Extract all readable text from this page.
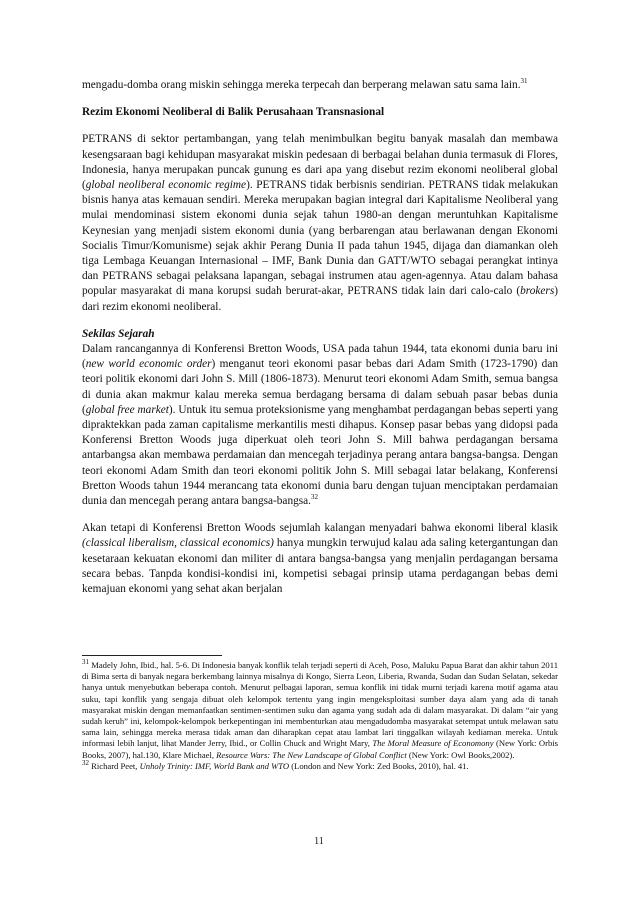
mengadu-domba orang miskin sehingga mereka terpecah dan berperang melawan satu sama lain.$^{31}$

Rezim Ekonomi Neoliberal di Balik Perusahaan Transnasional

PETRANS di sektor pertambangan, yang telah menimbulkan begitu banyak masalah dan membawa kesengsaraan bagi kehidupan masyarakat miskin pedesaan di berbagai belahan dunia termasuk di Flores, Indonesia, hanya merupakan puncak gunung es dari apa yang disebut rezim ekonomi neoliberal global (global neoliberal economic regime). PETRANS tidak berbisnis sendirian. PETRANS tidak melakukan bisnis hanya atas kemauan sendiri. Mereka merupakan bagian integral dari Kapitalisme Neoliberal yang mulai mendominasi sistem ekonomi dunia sejak tahun 1980-an dengan meruntuhkan Kapitalisme Keynesian yang menjadi sistem ekonomi dunia (yang berbarengan atau berlawanan dengan Ekonomi Socialis Timur/Komunisme) sejak akhir Perang Dunia II pada tahun 1945, dijaga dan diamankan oleh tiga Lembaga Keuangan Internasional – IMF, Bank Dunia dan GATT/WTO sebagai perangkat intinya dan PETRANS sebagai pelaksana lapangan, sebagai instrumen atau agen-agennya. Atau dalam bahasa popular masyarakat di mana korupsi sudah berurat-akar, PETRANS tidak lain dari calo-calo (brokers) dari rezim ekonomi neoliberal.

Sekilas Sejarah

Dalam rancangannya di Konferensi Bretton Woods, USA pada tahun 1944, tata ekonomi dunia baru ini (new world economic order) menganut teori ekonomi pasar bebas dari Adam Smith (1723-1790) dan teori politik ekonomi dari John S. Mill (1806-1873). Menurut teori ekonomi Adam Smith, semua bangsa di dunia akan makmur kalau mereka semua berdagang bersama di dalam sebuah pasar bebas dunia (global free market). Untuk itu semua proteksionisme yang menghambat perdagangan bebas seperti yang dipraktekkan pada zaman capitalisme merkantilis mesti dihapus. Konsep pasar bebas yang didopsi pada Konferensi Bretton Woods juga diperkuat oleh teori John S. Mill bahwa perdagangan bersama antarbangsa akan membawa perdamaian dan mencegah terjadinya perang antara bangsa-bangsa. Dengan teori ekonomi Adam Smith dan teori ekonomi politik John S. Mill sebagai latar belakang, Konferensi Bretton Woods tahun 1944 merancang tata ekonomi dunia baru dengan tujuan menciptakan perdamaian dunia dan mencegah perang antara bangsa-bangsa.$^{32}$

Akan tetapi di Konferensi Bretton Woods sejumlah kalangan menyadari bahwa ekonomi liberal klasik (classical liberalism, classical economics) hanya mungkin terwujud kalau ada saling ketergantungan dan kesetaraan kekuatan ekonomi dan militer di antara bangsa-bangsa yang menjalin perdagangan bersama secara bebas. Tanpda kondisi-kondisi ini, kompetisi sebagai prinsip utama perdagangan bebas demi kemajuan ekonomi yang sehat akan berjalan

$^{31}$ Madely John, Ibid., hal. 5-6. Di Indonesia banyak konflik telah terjadi seperti di Aceh, Poso, Maluku Papua Barat dan akhir tahun 2011 di Bima serta di banyak negara berkembang lainnya misalnya di Kongo, Sierra Leon, Liberia, Rwanda, Sudan dan Sudan Selatan, sekedar hanya untuk menyebutkan beberapa contoh. Menurut pelbagai laporan, semua konflik ini tidak murni terjadi karena motif agama atau suku, tapi konflik yang sengaja dibuat oleh kelompok tertentu yang ingin mengeksploitasi sumber daya alam yang ada di tanah masyarakat miskin dengan memanfaatkan sentimen-sentimen suku dan agama yang sudah ada di dalam masyarakat. Di dalam “air yang sudah keruh” ini, kelompok-kelompok berkepentingan ini membenturkan atau mengadudomba masyarakat setempat untuk melawan satu sama lain, sehingga mereka merasa tidak aman dan diharapkan cepat atau lambat lari tinggalkan wilayah kediaman mereka. Untuk informasi lebih lanjut, lihat Mander Jerry, Ibid., or Collin Chuck and Wright Mary, The Moral Measure of Economony (New York: Orbis Books, 2007), hal.130, Klare Michael, Resource Wars: The New Landscape of Global Conflict (New York: Owl Books,2002).

$^{32}$ Richard Peet, Unholy Trinity: IMF, World Bank and WTO (London and New York: Zed Books, 2010), hal. 41.

11
